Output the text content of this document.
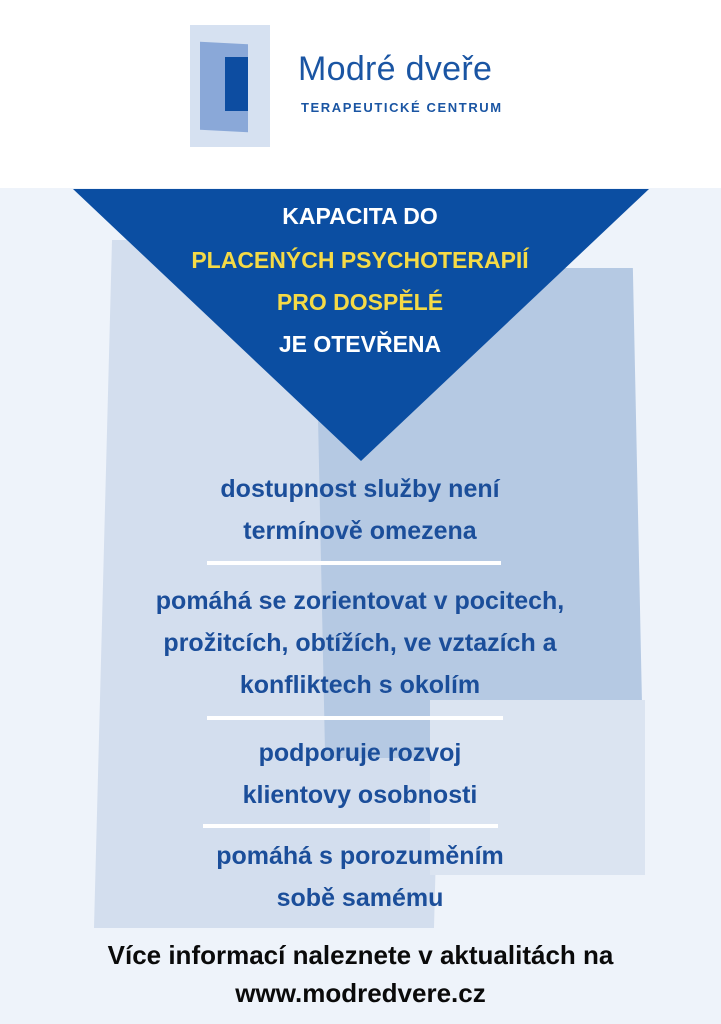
Modré dveře
TERAPEUTICKÉ CENTRUM
KAPACITA DO
PLACENÝCH PSYCHOTERAPIÍ
PRO DOSPĚLÉ
JE OTEVŘENA
dostupnost služby není
termínově omezena
pomáhá se zorientovat v pocitech,
prožitcích, obtížích, ve vztazích a
konfliktech s okolím
podporuje rozvoj
klientovy osobnosti
pomáhá s porozuměním
sobě samému
Více informací naleznete v aktualitách na
www.modredvere.cz
